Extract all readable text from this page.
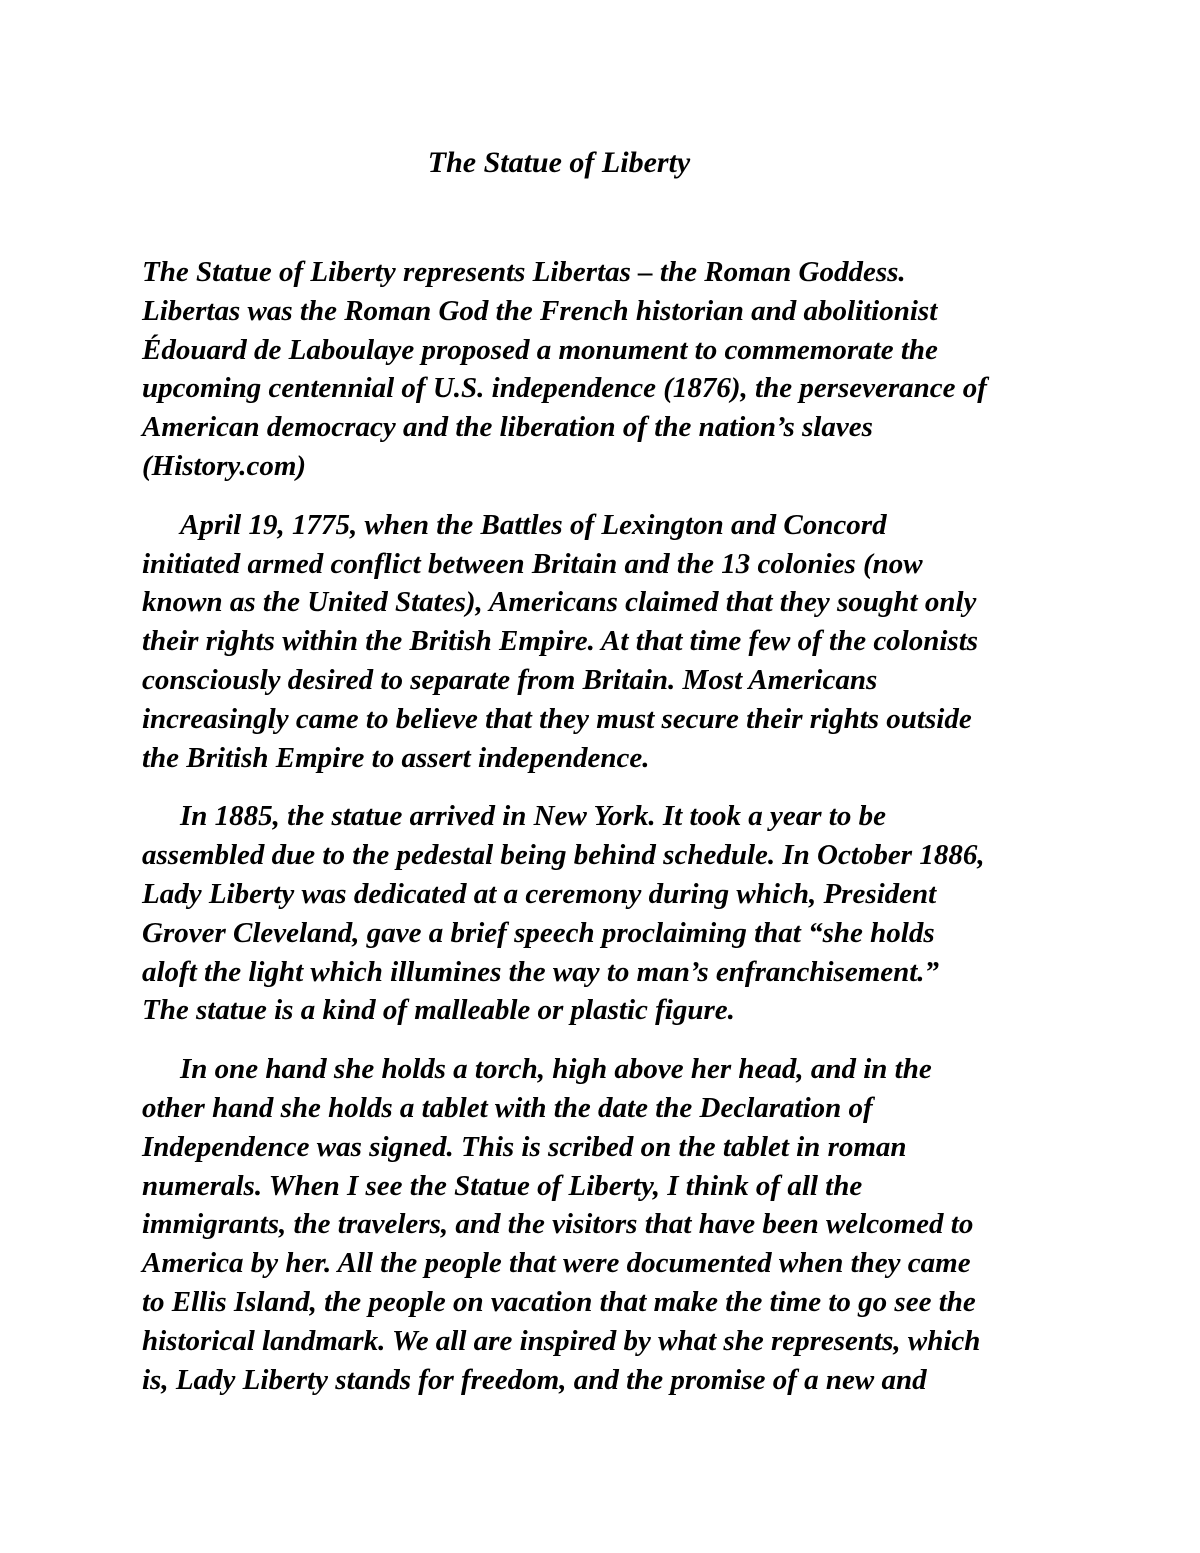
The Statue of Liberty

The Statue of Liberty represents Libertas – the Roman Goddess.
Libertas was the Roman God the French historian and abolitionist
Édouard de Laboulaye proposed a monument to commemorate the
upcoming centennial of U.S. independence (1876), the perseverance of
American democracy and the liberation of the nation’s slaves
(History.com)

April 19, 1775, when the Battles of Lexington and Concord
initiated armed conflict between Britain and the 13 colonies (now
known as the United States), Americans claimed that they sought only
their rights within the British Empire. At that time few of the colonists
consciously desired to separate from Britain. Most Americans
increasingly came to believe that they must secure their rights outside
the British Empire to assert independence.

In 1885, the statue arrived in New York. It took a year to be
assembled due to the pedestal being behind schedule. In October 1886,
Lady Liberty was dedicated at a ceremony during which, President
Grover Cleveland, gave a brief speech proclaiming that “she holds
aloft the light which illumines the way to man’s enfranchisement.”
The statue is a kind of malleable or plastic figure.

In one hand she holds a torch, high above her head, and in the
other hand she holds a tablet with the date the Declaration of
Independence was signed. This is scribed on the tablet in roman
numerals. When I see the Statue of Liberty, I think of all the
immigrants, the travelers, and the visitors that have been welcomed to
America by her. All the people that were documented when they came
to Ellis Island, the people on vacation that make the time to go see the
historical landmark. We all are inspired by what she represents, which
is, Lady Liberty stands for freedom, and the promise of a new and
